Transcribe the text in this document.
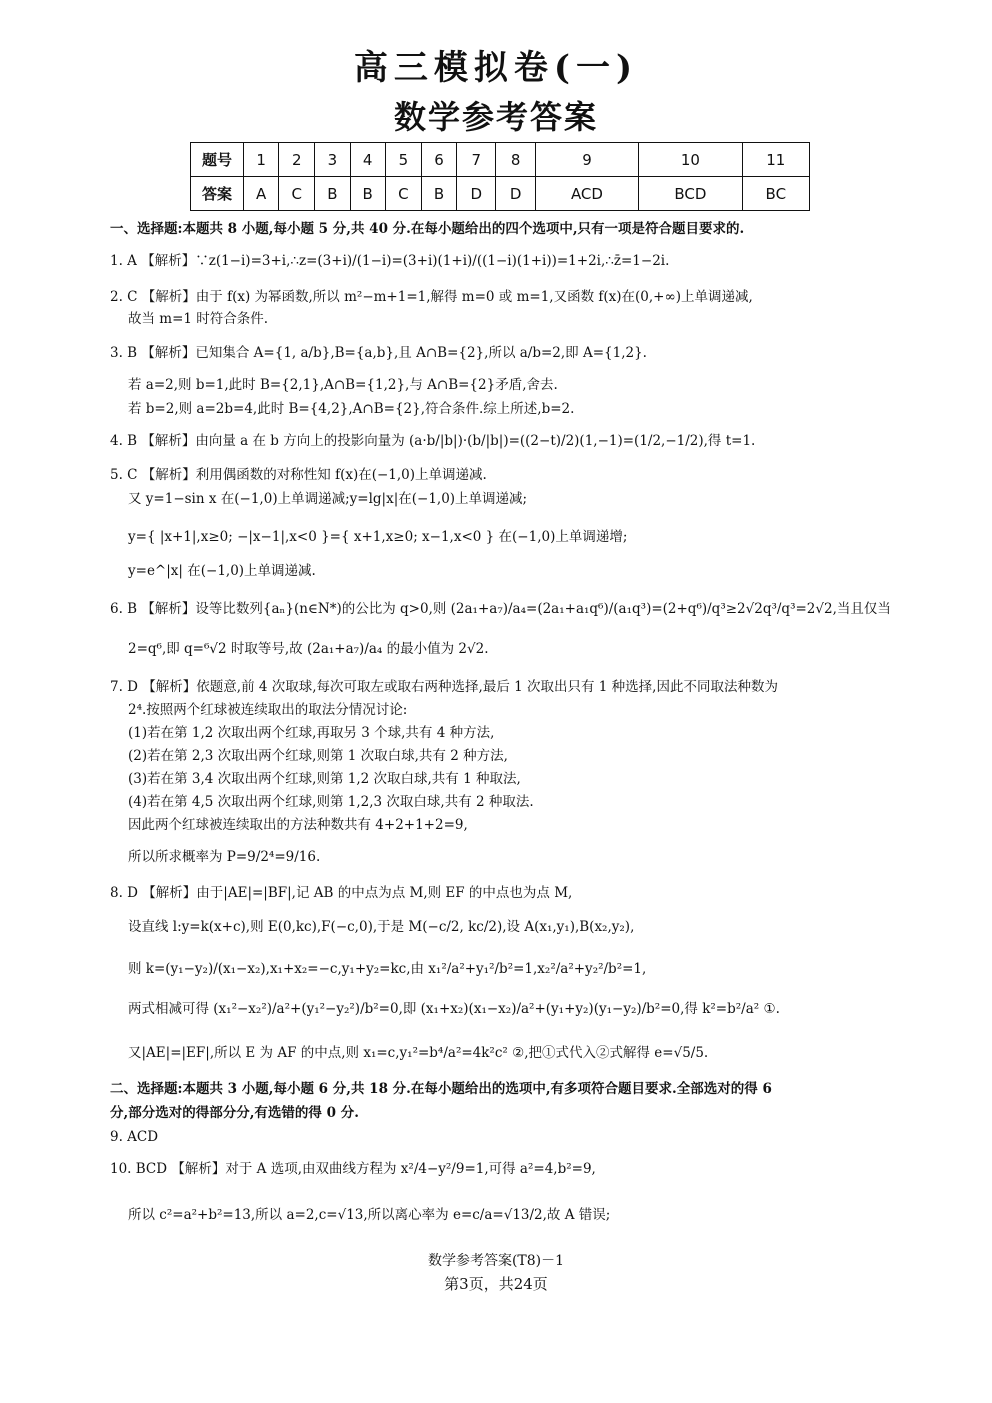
高三模拟卷(一)
数学参考答案
题号	1	2	3	4	5	6	7	8	9	10	11
答案	A	C	B	B	C	B	D	D	ACD	BCD	BC
一、选择题:本题共 8 小题,每小题 5 分,共 40 分.在每小题给出的四个选项中,只有一项是符合题目要求的.
1. A 【解析】∵z(1−i)=3+i,∴z=(3+i)/(1−i)=(3+i)(1+i)/((1−i)(1+i))=1+2i,∴z̄=1−2i.
2. C 【解析】由于 f(x) 为幂函数,所以 m²−m+1=1,解得 m=0 或 m=1,又函数 f(x)在(0,+∞)上单调递减,
故当 m=1 时符合条件.
3. B 【解析】已知集合 A={1, a/b},B={a,b},且 A∩B={2},所以 a/b=2,即 A={1,2}.
若 a=2,则 b=1,此时 B={2,1},A∩B={1,2},与 A∩B={2}矛盾,舍去.
若 b=2,则 a=2b=4,此时 B={4,2},A∩B={2},符合条件.综上所述,b=2.
4. B 【解析】由向量 a 在 b 方向上的投影向量为 (a·b/|b|)·(b/|b|)=((2−t)/2)(1,−1)=(1/2,−1/2),得 t=1.
5. C 【解析】利用偶函数的对称性知 f(x)在(−1,0)上单调递减.
又 y=1−sin x 在(−1,0)上单调递减;y=lg|x|在(−1,0)上单调递减;
y={ |x+1|,x≥0; −|x−1|,x<0 }={ x+1,x≥0; x−1,x<0 } 在(−1,0)上单调递增;
y=e^|x| 在(−1,0)上单调递减.
6. B 【解析】设等比数列{aₙ}(n∈N*)的公比为 q>0,则 (2a₁+a₇)/a₄=(2a₁+a₁q⁶)/(a₁q³)=(2+q⁶)/q³≥2√2q³/q³=2√2,当且仅当
2=q⁶,即 q=⁶√2 时取等号,故 (2a₁+a₇)/a₄ 的最小值为 2√2.
7. D 【解析】依题意,前 4 次取球,每次可取左或取右两种选择,最后 1 次取出只有 1 种选择,因此不同取法种数为
2⁴.按照两个红球被连续取出的取法分情况讨论:
(1)若在第 1,2 次取出两个红球,再取另 3 个球,共有 4 种方法,
(2)若在第 2,3 次取出两个红球,则第 1 次取白球,共有 2 种方法,
(3)若在第 3,4 次取出两个红球,则第 1,2 次取白球,共有 1 种取法,
(4)若在第 4,5 次取出两个红球,则第 1,2,3 次取白球,共有 2 种取法.
因此两个红球被连续取出的方法种数共有 4+2+1+2=9,
所以所求概率为 P=9/2⁴=9/16.
8. D 【解析】由于|AE|=|BF|,记 AB 的中点为点 M,则 EF 的中点也为点 M,
设直线 l:y=k(x+c),则 E(0,kc),F(−c,0),于是 M(−c/2, kc/2),设 A(x₁,y₁),B(x₂,y₂),
则 k=(y₁−y₂)/(x₁−x₂),x₁+x₂=−c,y₁+y₂=kc,由 x₁²/a²+y₁²/b²=1,x₂²/a²+y₂²/b²=1,
两式相减可得 (x₁²−x₂²)/a²+(y₁²−y₂²)/b²=0,即 (x₁+x₂)(x₁−x₂)/a²+(y₁+y₂)(y₁−y₂)/b²=0,得 k²=b²/a² ①.
又|AE|=|EF|,所以 E 为 AF 的中点,则 x₁=c,y₁²=b⁴/a²=4k²c² ②,把①式代入②式解得 e=√5/5.
二、选择题:本题共 3 小题,每小题 6 分,共 18 分.在每小题给出的选项中,有多项符合题目要求.全部选对的得 6
分,部分选对的得部分分,有选错的得 0 分.
9. ACD
10. BCD 【解析】对于 A 选项,由双曲线方程为 x²/4−y²/9=1,可得 a²=4,b²=9,
所以 c²=a²+b²=13,所以 a=2,c=√13,所以离心率为 e=c/a=√13/2,故 A 错误;
数学参考答案(T8)－1
第3页，共24页
